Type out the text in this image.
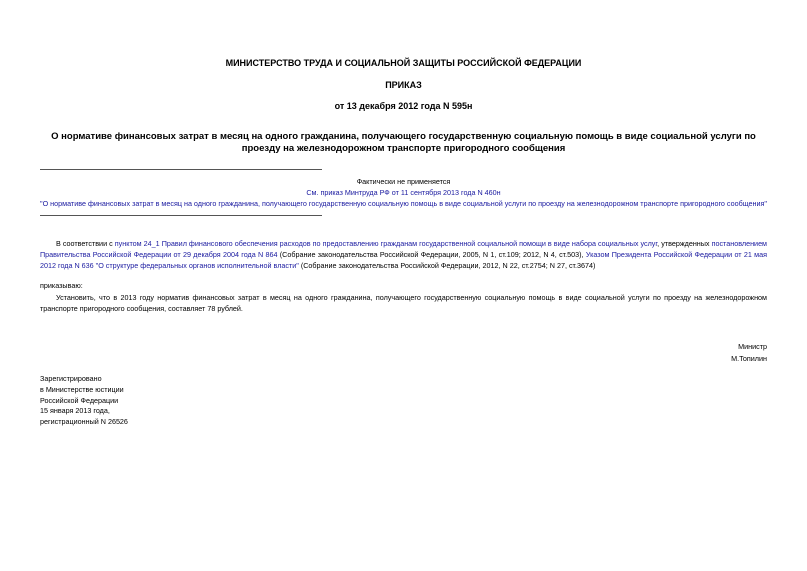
МИНИСТЕРСТВО ТРУДА И СОЦИАЛЬНОЙ ЗАЩИТЫ РОССИЙСКОЙ ФЕДЕРАЦИИ
ПРИКАЗ
от 13 декабря 2012 года N 595н
О нормативе финансовых затрат в месяц на одного гражданина, получающего государственную социальную помощь в виде социальной услуги по проезду на железнодорожном транспорте пригородного сообщения
Фактически не применяется
См. приказ Минтруда РФ от 11 сентября 2013 года N 460н
"О нормативе финансовых затрат в месяц на одного гражданина, получающего государственную социальную помощь в виде социальной услуги по проезду на железнодорожном транспорте пригородного сообщения"
В соответствии с пунктом 24_1 Правил финансового обеспечения расходов по предоставлению гражданам государственной социальной помощи в виде набора социальных услуг, утвержденных постановлением Правительства Российской Федерации от 29 декабря 2004 года N 864 (Собрание законодательства Российской Федерации, 2005, N 1, ст.109; 2012, N 4, ст.503), Указом Президента Российской Федерации от 21 мая 2012 года N 636 "О структуре федеральных органов исполнительной власти" (Собрание законодательства Российской Федерации, 2012, N 22, ст.2754; N 27, ст.3674)
приказываю:
Установить, что в 2013 году норматив финансовых затрат в месяц на одного гражданина, получающего государственную социальную помощь в виде социальной услуги по проезду на железнодорожном транспорте пригородного сообщения, составляет 78 рублей.
Министр
М.Топилин
Зарегистрировано
в Министерстве юстиции
Российской Федерации
15 января 2013 года,
регистрационный N 26526
